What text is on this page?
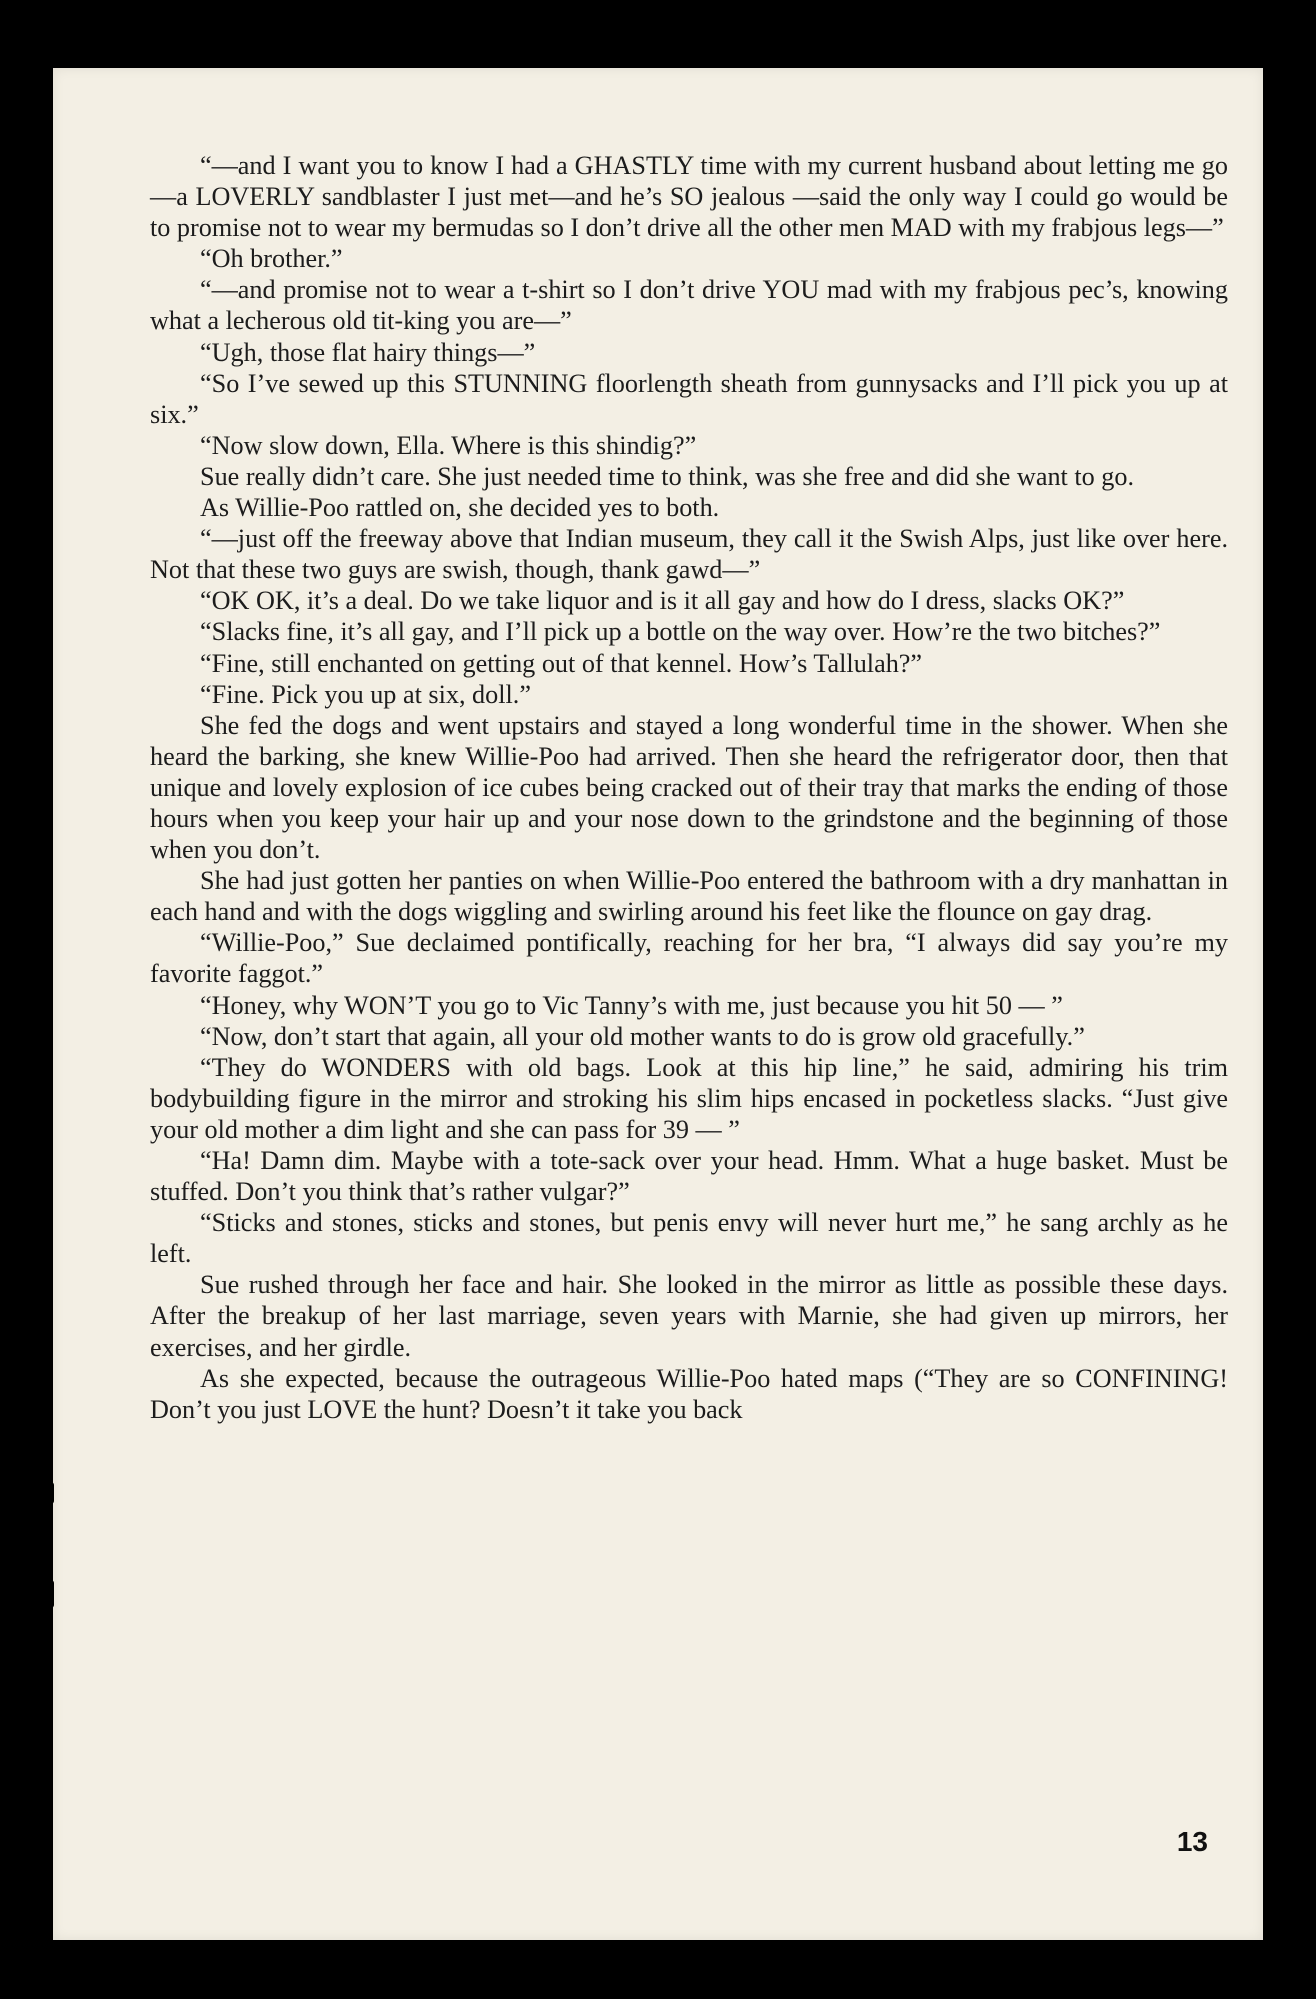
“—and I want you to know I had a GHASTLY time with my current husband about letting me go—a LOVERLY sandblaster I just met—and he’s SO jealous —said the only way I could go would be to promise not to wear my bermudas so I don’t drive all the other men MAD with my frabjous legs—”

“Oh brother.”

“—and promise not to wear a t-shirt so I don’t drive YOU mad with my frabjous pec’s, knowing what a lecherous old tit-king you are—”

“Ugh, those flat hairy things—”

“So I’ve sewed up this STUNNING floorlength sheath from gunnysacks and I’ll pick you up at six.”

“Now slow down, Ella. Where is this shindig?”

Sue really didn’t care. She just needed time to think, was she free and did she want to go.

As Willie-Poo rattled on, she decided yes to both.

“—just off the freeway above that Indian museum, they call it the Swish Alps, just like over here. Not that these two guys are swish, though, thank gawd—”

“OK OK, it’s a deal. Do we take liquor and is it all gay and how do I dress, slacks OK?”

“Slacks fine, it’s all gay, and I’ll pick up a bottle on the way over. How’re the two bitches?”

“Fine, still enchanted on getting out of that kennel. How’s Tallulah?”

“Fine. Pick you up at six, doll.”

She fed the dogs and went upstairs and stayed a long wonderful time in the shower. When she heard the barking, she knew Willie-Poo had arrived. Then she heard the refrigerator door, then that unique and lovely explosion of ice cubes being cracked out of their tray that marks the ending of those hours when you keep your hair up and your nose down to the grindstone and the beginning of those when you don’t.

She had just gotten her panties on when Willie-Poo entered the bathroom with a dry manhattan in each hand and with the dogs wiggling and swirling around his feet like the flounce on gay drag.

“Willie-Poo,” Sue declaimed pontifically, reaching for her bra, “I always did say you’re my favorite faggot.”

“Honey, why WON’T you go to Vic Tanny’s with me, just because you hit 50 — ”

“Now, don’t start that again, all your old mother wants to do is grow old gracefully.”

“They do WONDERS with old bags. Look at this hip line,” he said, admiring his trim bodybuilding figure in the mirror and stroking his slim hips encased in pocketless slacks. “Just give your old mother a dim light and she can pass for 39 — ”

“Ha! Damn dim. Maybe with a tote-sack over your head. Hmm. What a huge basket. Must be stuffed. Don’t you think that’s rather vulgar?”

“Sticks and stones, sticks and stones, but penis envy will never hurt me,” he sang archly as he left.

Sue rushed through her face and hair. She looked in the mirror as little as possible these days. After the breakup of her last marriage, seven years with Marnie, she had given up mirrors, her exercises, and her girdle.

As she expected, because the outrageous Willie-Poo hated maps (“They are so CONFINING! Don’t you just LOVE the hunt? Doesn’t it take you back

13
